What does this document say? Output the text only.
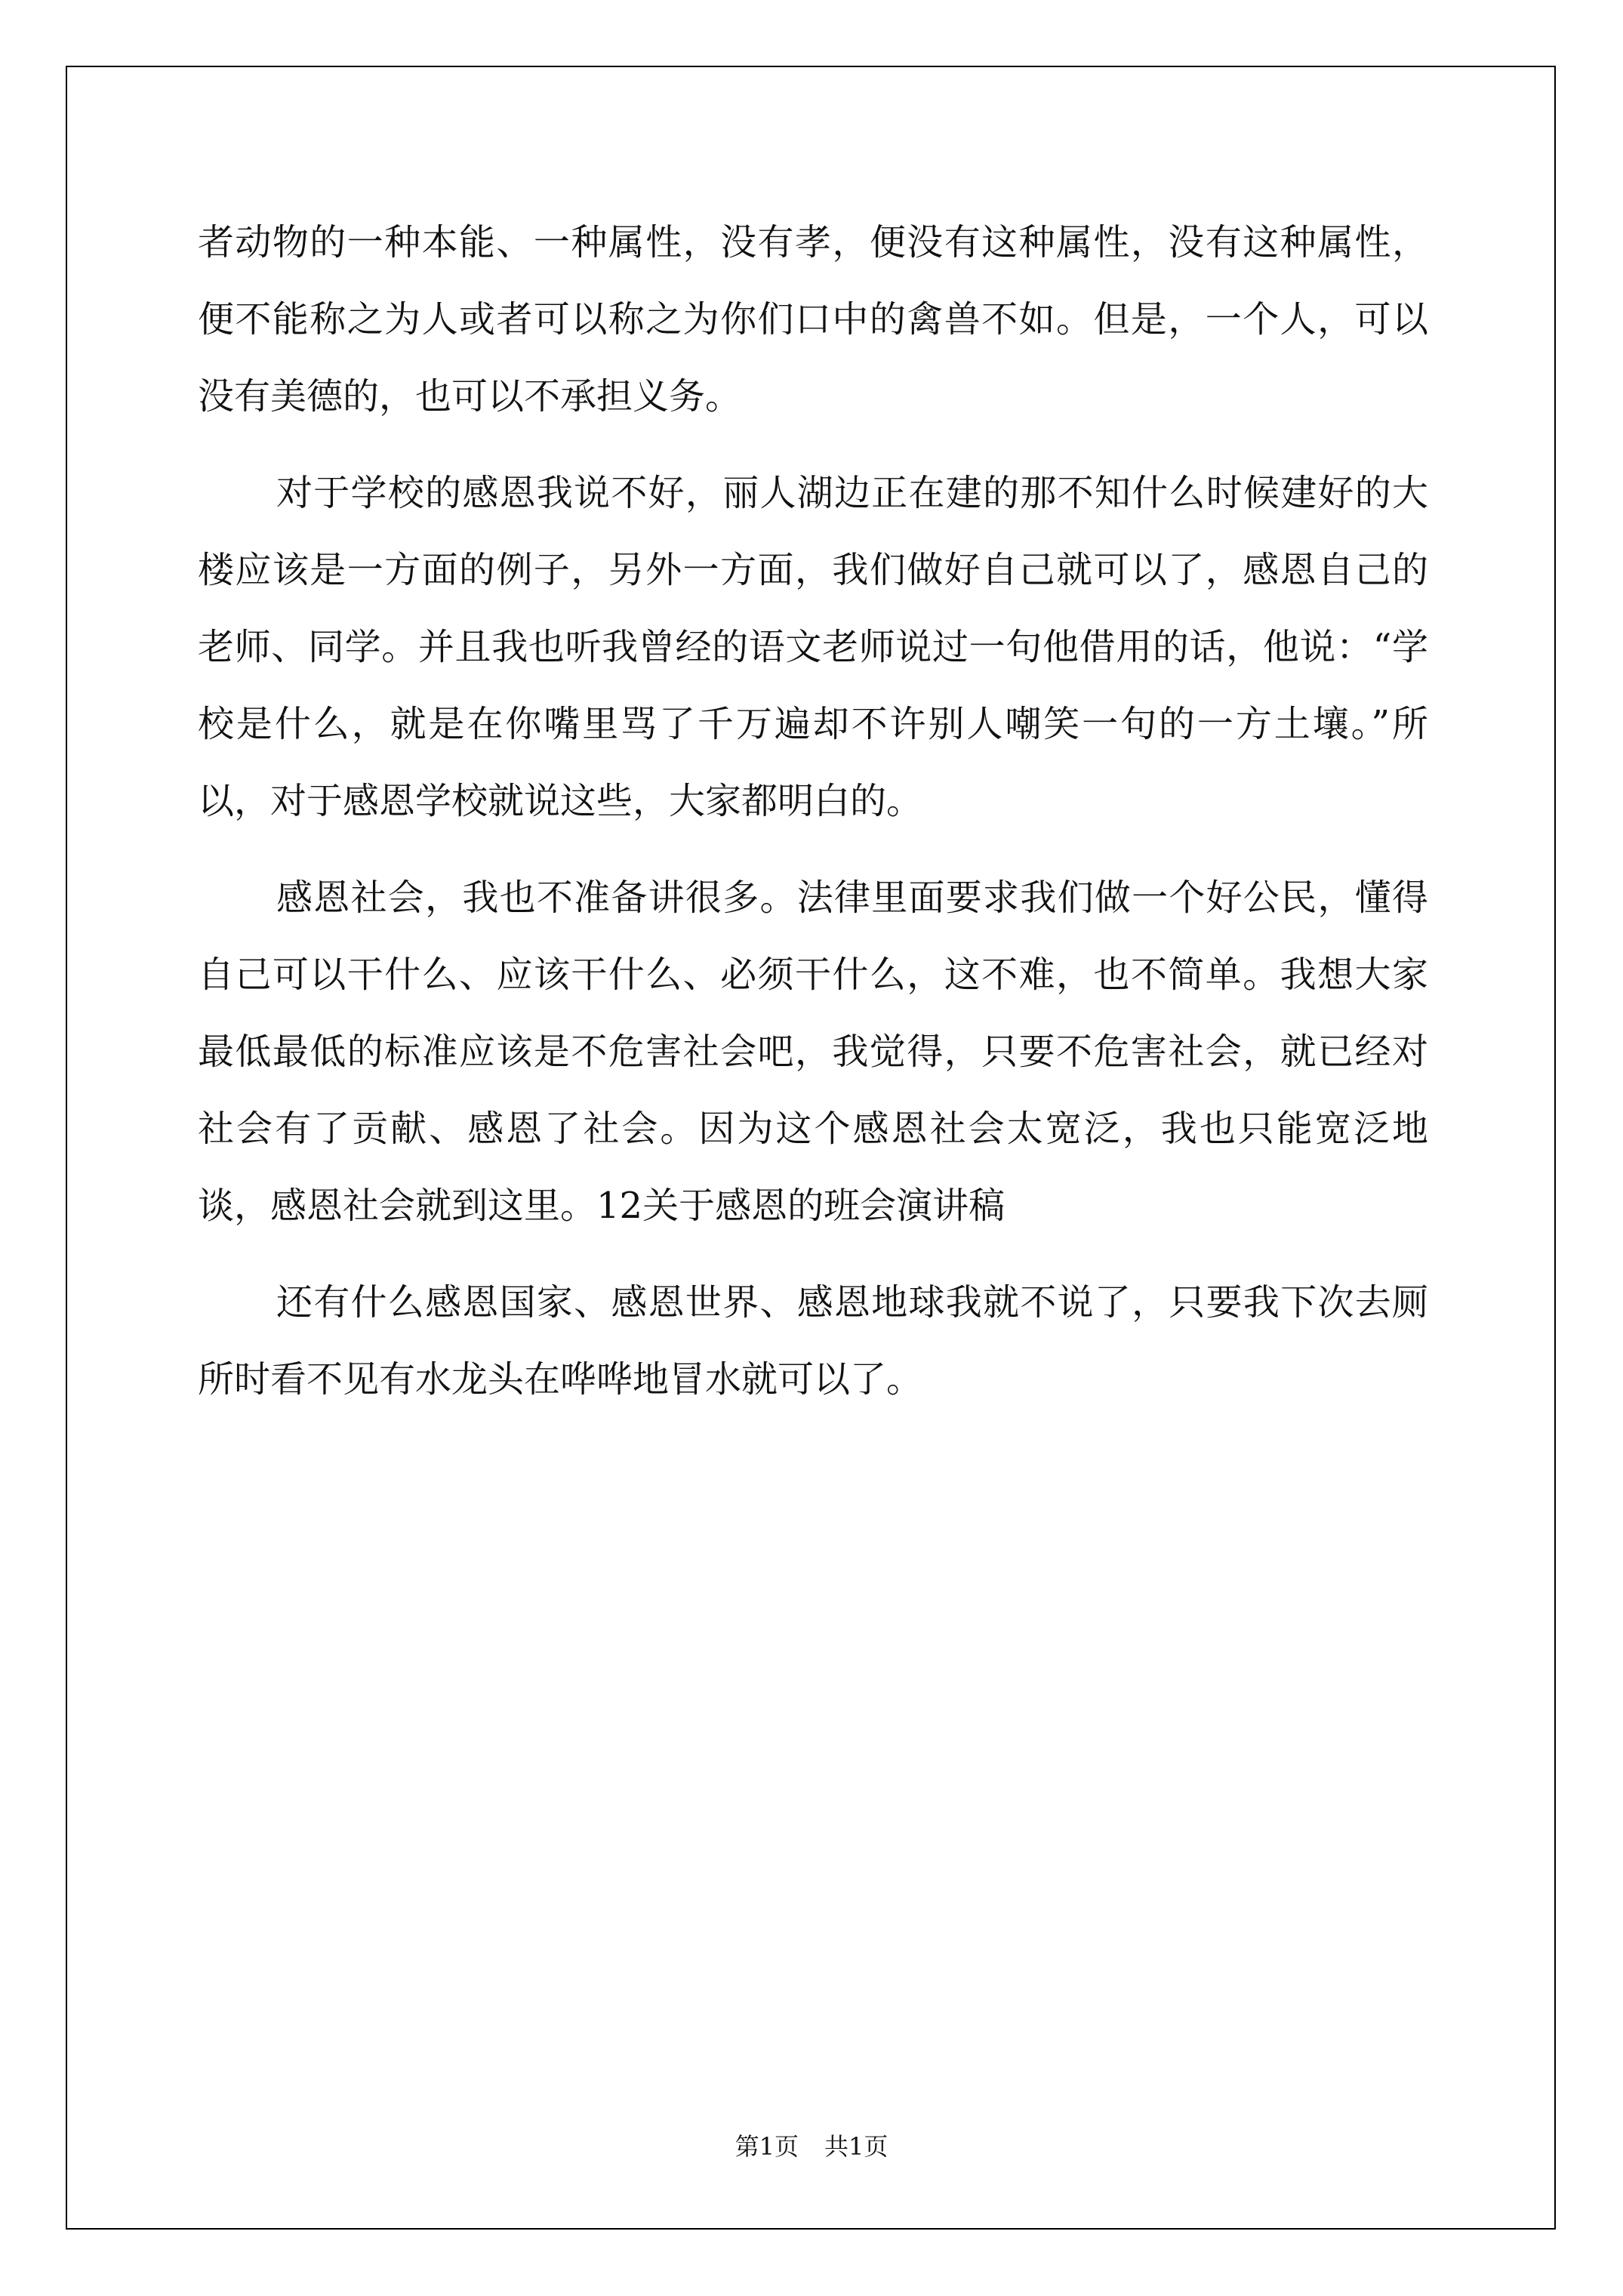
者动物的一种本能、一种属性，没有孝，便没有这种属性，没有这种属性，便不能称之为人或者可以称之为你们口中的禽兽不如。但是，一个人，可以没有美德的，也可以不承担义务。

对于学校的感恩我说不好，丽人湖边正在建的那不知什么时候建好的大楼应该是一方面的例子，另外一方面，我们做好自己就可以了，感恩自己的老师、同学。并且我也听我曾经的语文老师说过一句他借用的话，他说：“学校是什么，就是在你嘴里骂了千万遍却不许别人嘲笑一句的一方土壤。”所以，对于感恩学校就说这些，大家都明白的。

感恩社会，我也不准备讲很多。法律里面要求我们做一个好公民，懂得自己可以干什么、应该干什么、必须干什么，这不难，也不简单。我想大家最低最低的标准应该是不危害社会吧，我觉得，只要不危害社会，就已经对社会有了贡献、感恩了社会。因为这个感恩社会太宽泛，我也只能宽泛地谈，感恩社会就到这里。12关于感恩的班会演讲稿

还有什么感恩国家、感恩世界、感恩地球我就不说了，只要我下次去厕所时看不见有水龙头在哗哗地冒水就可以了。

第1页 共1页
